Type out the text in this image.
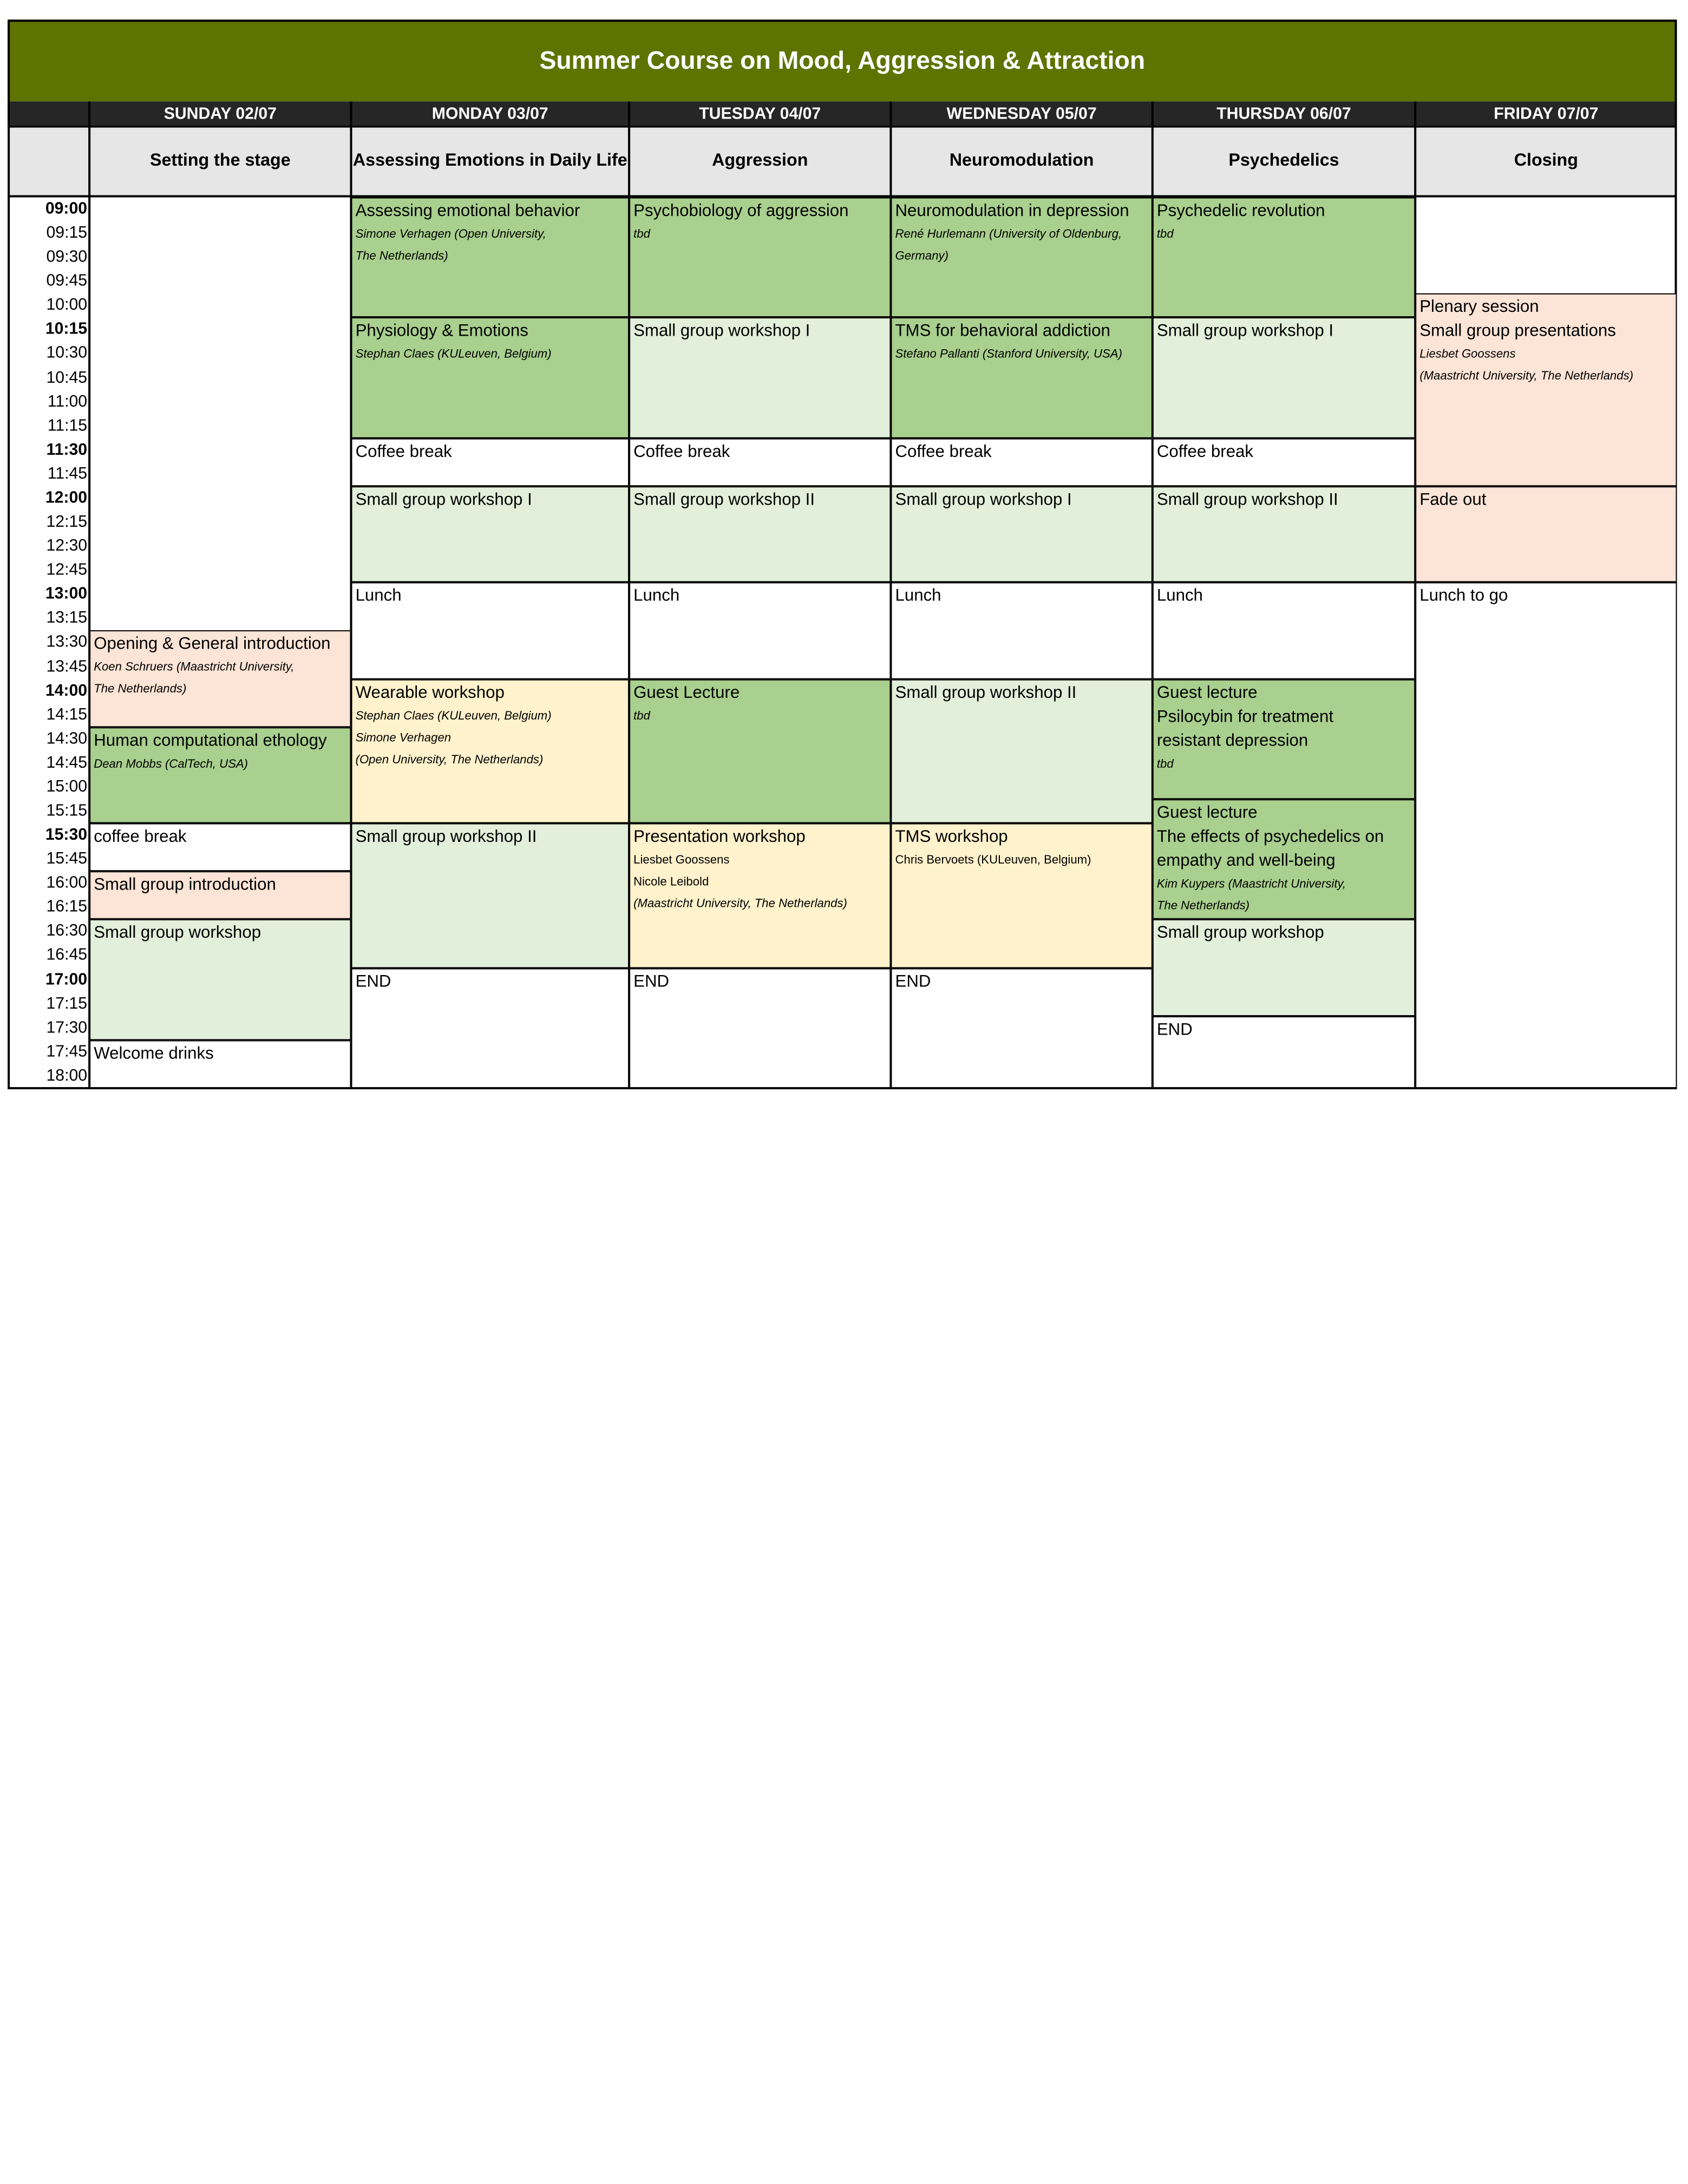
Summer Course on Mood, Aggression & Attraction
SUNDAY 02/07
Setting the stage
MONDAY 03/07
Assessing Emotions in Daily Life
TUESDAY 04/07
Aggression
WEDNESDAY 05/07
Neuromodulation
THURSDAY 06/07
Psychedelics
FRIDAY 07/07
Closing
09:00
09:15
09:30
09:45
10:00
10:15
10:30
10:45
11:00
11:15
11:30
11:45
12:00
12:15
12:30
12:45
13:00
13:15
13:30
13:45
14:00
14:15
14:30
14:45
15:00
15:15
15:30
15:45
16:00
16:15
16:30
16:45
17:00
17:15
17:30
17:45
18:00
Opening & General introduction
Koen Schruers (Maastricht University,
The Netherlands)
Human computational ethology
Dean Mobbs (CalTech, USA)
coffee break
Small group introduction
Small group workshop
Welcome drinks
Assessing emotional behavior
Simone Verhagen (Open University,
The Netherlands)
Physiology & Emotions
Stephan Claes (KULeuven, Belgium)
Coffee break
Small group workshop I
Lunch
Wearable workshop
Stephan Claes (KULeuven, Belgium)
Simone Verhagen
(Open University, The Netherlands)
Small group workshop II
END
Psychobiology of aggression
tbd
Small group workshop I
Coffee break
Small group workshop II
Lunch
Guest Lecture
tbd
Presentation workshop
Liesbet Goossens
Nicole Leibold
(Maastricht University, The Netherlands)
END
Neuromodulation in depression
René Hurlemann (University of Oldenburg,
Germany)
TMS for behavioral addiction
Stefano Pallanti (Stanford University, USA)
Coffee break
Small group workshop I
Lunch
Small group workshop II
TMS workshop
Chris Bervoets (KULeuven, Belgium)
END
Psychedelic revolution
tbd
Small group workshop I
Coffee break
Small group workshop II
Lunch
Guest lecture
Psilocybin for treatment
resistant depression
tbd
Guest lecture
The effects of psychedelics on
empathy and well-being
Kim Kuypers (Maastricht University,
The Netherlands)
Small group workshop
END
Plenary session
Small group presentations
Liesbet Goossens
(Maastricht University, The Netherlands)
Fade out
Lunch to go
